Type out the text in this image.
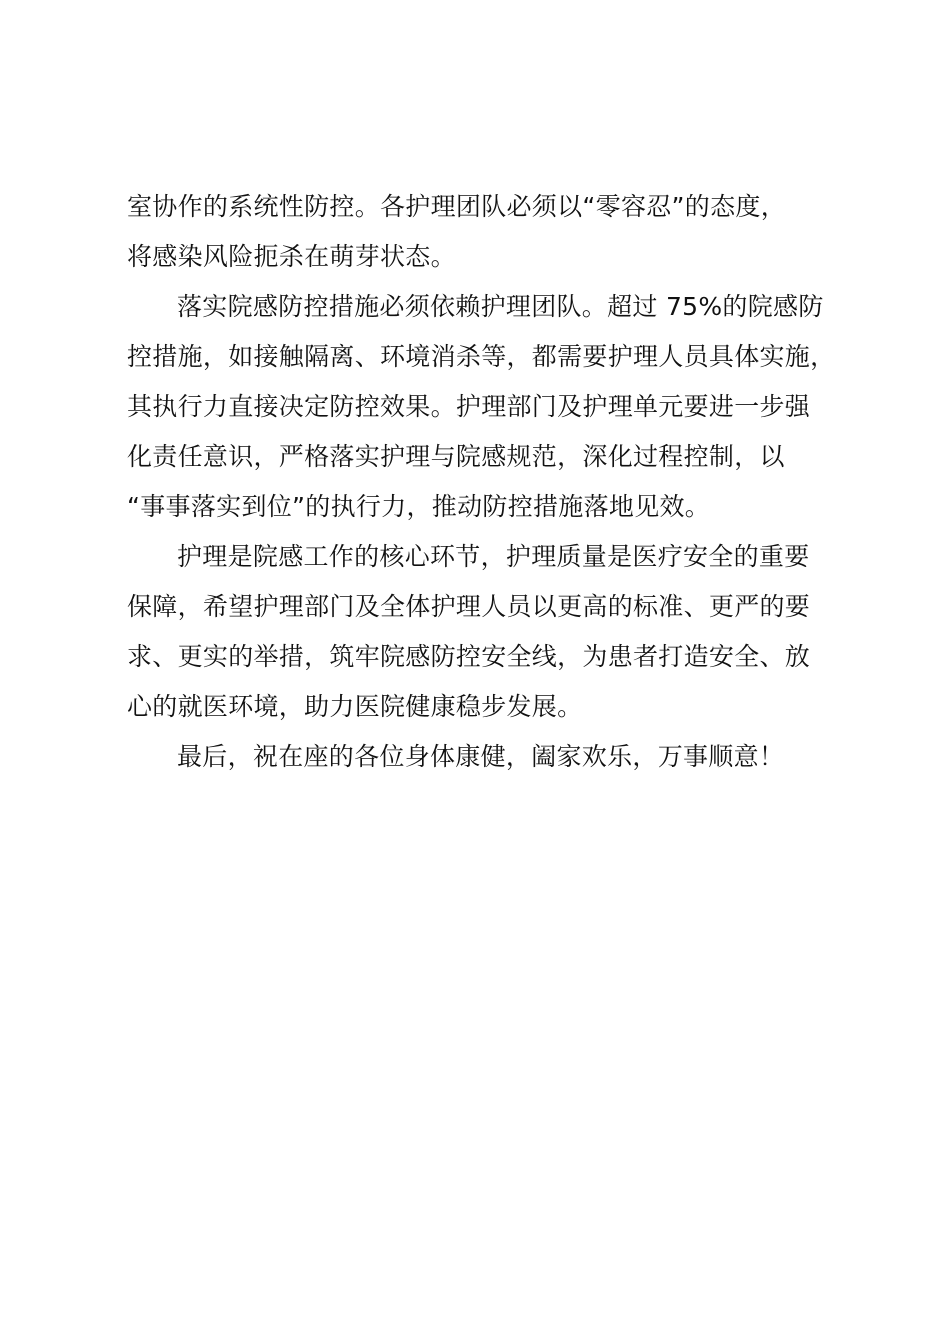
室协作的系统性防控。各护理团队必须以“零容忍”的态度，
将感染风险扼杀在萌芽状态。
落实院感防控措施必须依赖护理团队。超过 75%的院感防
控措施，如接触隔离、环境消杀等，都需要护理人员具体实施，
其执行力直接决定防控效果。护理部门及护理单元要进一步强
化责任意识，严格落实护理与院感规范，深化过程控制，以
“事事落实到位”的执行力，推动防控措施落地见效。
护理是院感工作的核心环节，护理质量是医疗安全的重要
保障，希望护理部门及全体护理人员以更高的标准、更严的要
求、更实的举措，筑牢院感防控安全线，为患者打造安全、放
心的就医环境，助力医院健康稳步发展。
最后，祝在座的各位身体康健，阖家欢乐，万事顺意！
